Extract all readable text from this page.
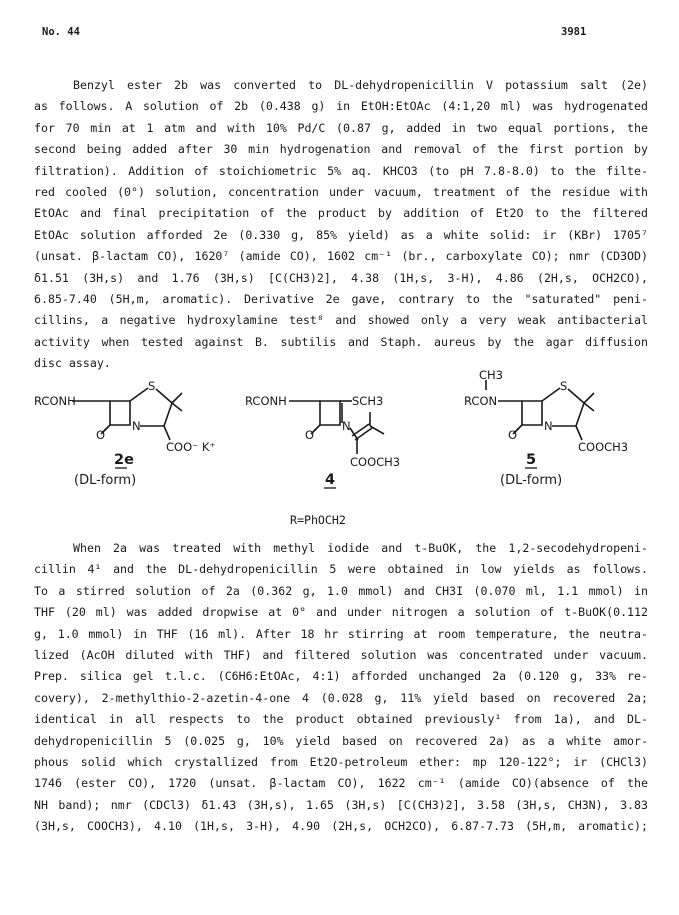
No. 44	3981
Benzyl ester 2b was converted to DL-dehydropenicillin V potassium salt (2e)
as follows. A solution of 2b (0.438 g) in EtOH:EtOAc (4:1,20 ml) was hydrogenated
for 70 min at 1 atm and with 10% Pd/C (0.87 g, added in two equal portions, the
second being added after 30 min hydrogenation and removal of the first portion by
filtration). Addition of stoichiometric 5% aq. KHCO3 (to pH 7.8-8.0) to the filte-
red cooled (0°) solution, concentration under vacuum, treatment of the residue with
EtOAc and final precipitation of the product by addition of Et2O to the filtered
EtOAc solution afforded 2e (0.330 g, 85% yield) as a white solid: ir (KBr) 1705⁷
(unsat. β-lactam CO), 1620⁷ (amide CO), 1602 cm⁻¹ (br., carboxylate CO); nmr (CD3OD)
δ1.51 (3H,s) and 1.76 (3H,s) [C(CH3)2], 4.38 (1H,s, 3-H), 4.86 (2H,s, OCH2CO),
6.85-7.40 (5H,m, aromatic). Derivative 2e gave, contrary to the "saturated" peni-
cillins, a negative hydroxylamine test⁸ and showed only a very weak antibacterial
activity when tested against B. subtilis and Staph. aureus by the agar diffusion
disc assay.
RCONH
S
O
N
COO⁻ K⁺
2e
(DL-form)
RCONH	SCH3
O
N
COOCH3
4
CH3
RCON
S
O
N
COOCH3
5
(DL-form)
R=PhOCH2
When 2a was treated with methyl iodide and t-BuOK, the 1,2-secodehydropeni-
cillin 4¹ and the DL-dehydropenicillin 5 were obtained in low yields as follows.
To a stirred solution of 2a (0.362 g, 1.0 mmol) and CH3I (0.070 ml, 1.1 mmol) in
THF (20 ml) was added dropwise at 0° and under nitrogen a solution of t-BuOK(0.112
g, 1.0 mmol) in THF (16 ml). After 18 hr stirring at room temperature, the neutra-
lized (AcOH diluted with THF) and filtered solution was concentrated under vacuum.
Prep. silica gel t.l.c. (C6H6:EtOAc, 4:1) afforded unchanged 2a (0.120 g, 33% re-
covery), 2-methylthio-2-azetin-4-one 4 (0.028 g, 11% yield based on recovered 2a;
identical in all respects to the product obtained previously¹ from 1a), and DL-
dehydropenicillin 5 (0.025 g, 10% yield based on recovered 2a) as a white amor-
phous solid which crystallized from Et2O-petroleum ether: mp 120-122°; ir (CHCl3)
1746 (ester CO), 1720 (unsat. β-lactam CO), 1622 cm⁻¹ (amide CO)(absence of the
NH band); nmr (CDCl3) δ1.43 (3H,s), 1.65 (3H,s) [C(CH3)2], 3.58 (3H,s, CH3N), 3.83
(3H,s, COOCH3), 4.10 (1H,s, 3-H), 4.90 (2H,s, OCH2CO), 6.87-7.73 (5H,m, aromatic);
